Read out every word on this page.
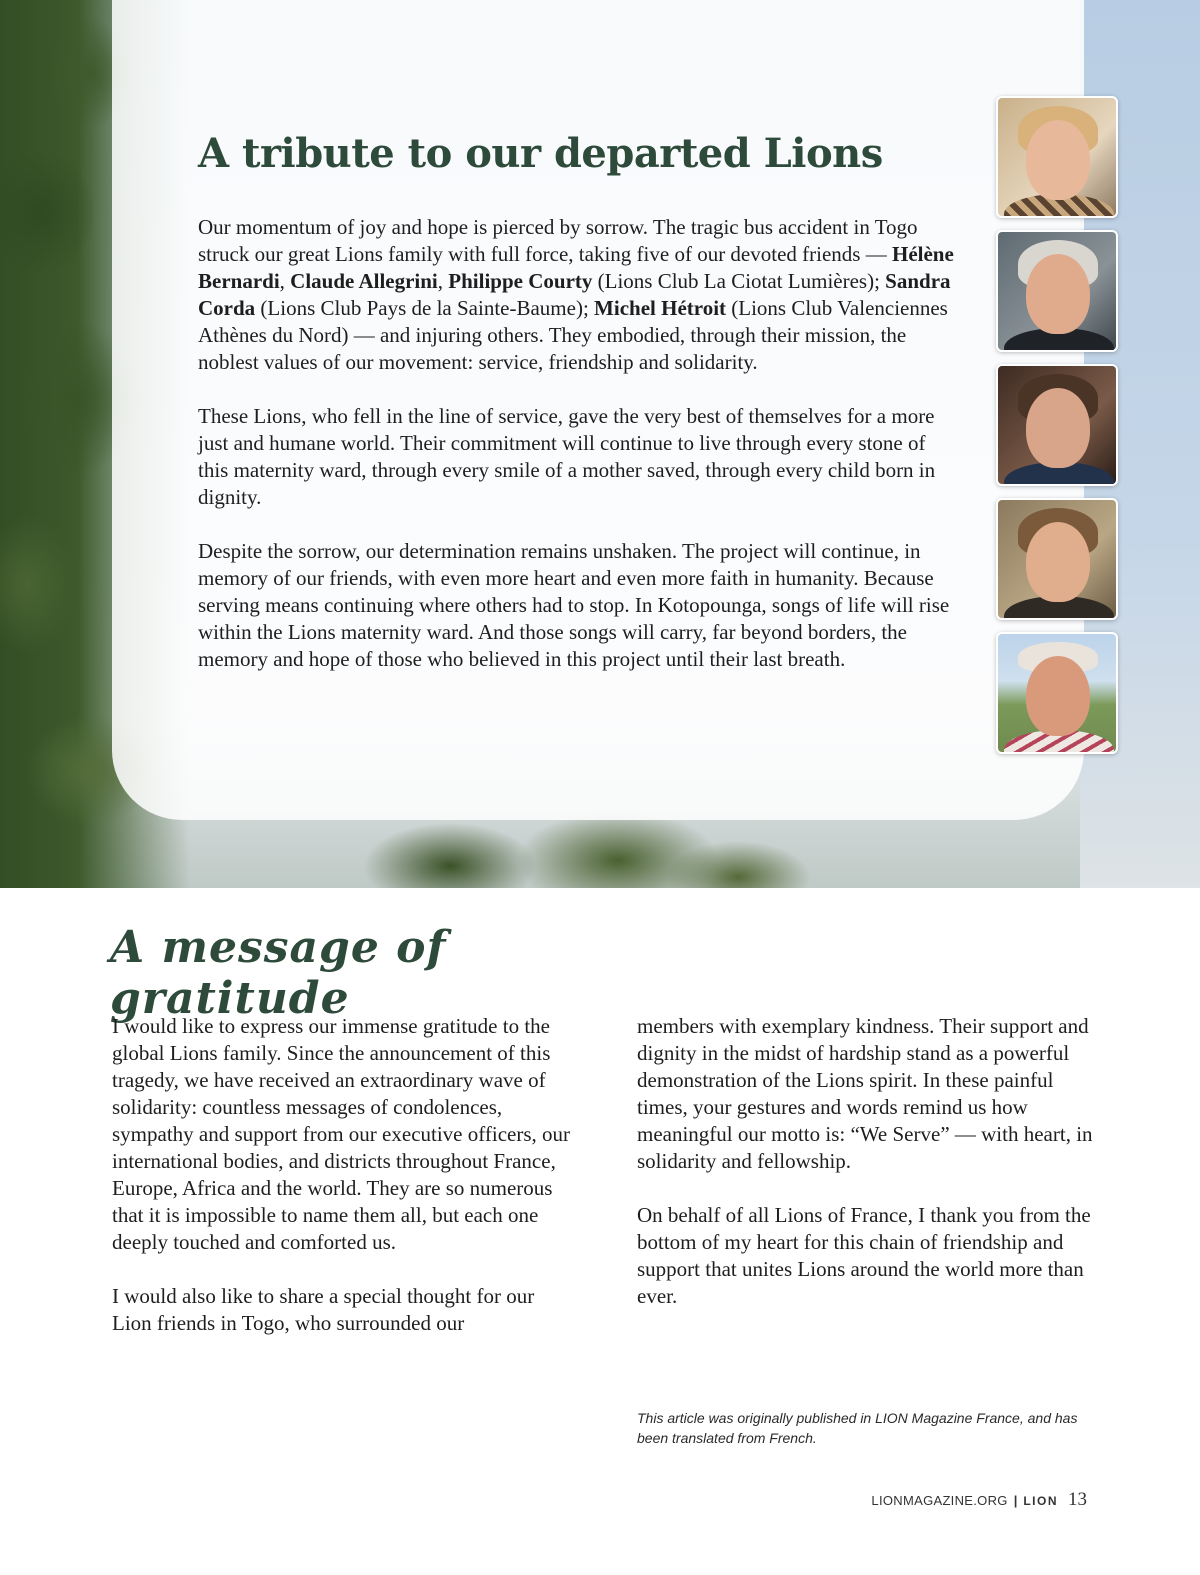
A tribute to our departed Lions

Our momentum of joy and hope is pierced by sorrow. The tragic bus accident in Togo struck our great Lions family with full force, taking five of our devoted friends — Hélène Bernardi, Claude Allegrini, Philippe Courty (Lions Club La Ciotat Lumières); Sandra Corda (Lions Club Pays de la Sainte-Baume); Michel Hétroit (Lions Club Valenciennes Athènes du Nord) — and injuring others. They embodied, through their mission, the noblest values of our movement: service, friendship and solidarity.

These Lions, who fell in the line of service, gave the very best of themselves for a more just and humane world. Their commitment will continue to live through every stone of this maternity ward, through every smile of a mother saved, through every child born in dignity.

Despite the sorrow, our determination remains unshaken. The project will continue, in memory of our friends, with even more heart and even more faith in humanity. Because serving means continuing where others had to stop. In Kotopounga, songs of life will rise within the Lions maternity ward. And those songs will carry, far beyond borders, the memory and hope of those who believed in this project until their last breath.

A message of gratitude

I would like to express our immense gratitude to the global Lions family. Since the announcement of this tragedy, we have received an extraordinary wave of solidarity: countless messages of condolences, sympathy and support from our executive officers, our international bodies, and districts throughout France, Europe, Africa and the world. They are so numerous that it is impossible to name them all, but each one deeply touched and comforted us.

I would also like to share a special thought for our Lion friends in Togo, who surrounded our

members with exemplary kindness. Their support and dignity in the midst of hardship stand as a powerful demonstration of the Lions spirit. In these painful times, your gestures and words remind us how meaningful our motto is: “We Serve” — with heart, in solidarity and fellowship.

On behalf of all Lions of France, I thank you from the bottom of my heart for this chain of friendship and support that unites Lions around the world more than ever.

This article was originally published in LION Magazine France, and has been translated from French.

LIONMAGAZINE.ORG | LION 13
